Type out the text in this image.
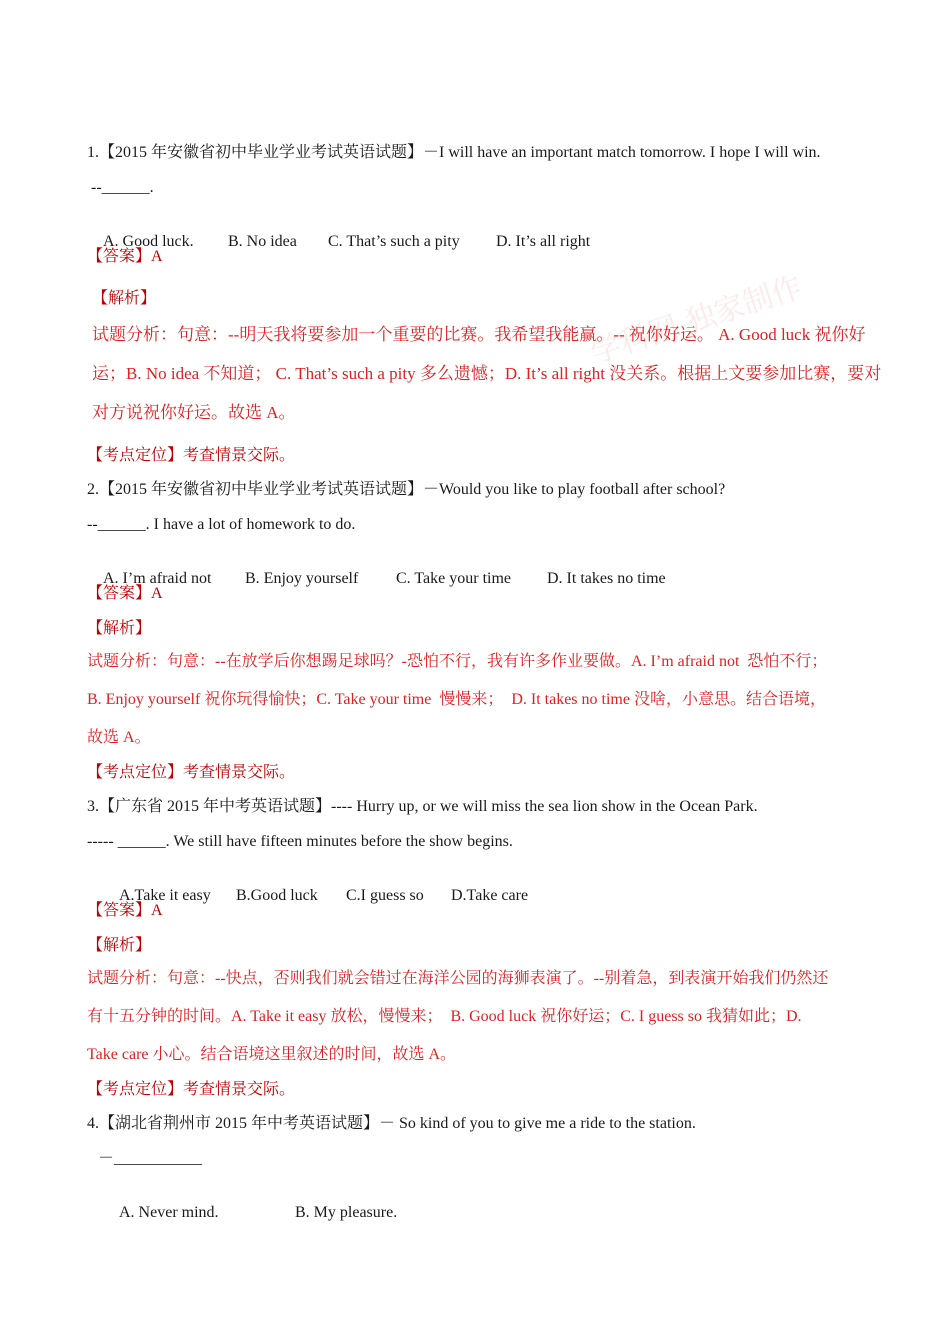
学科网 独家制作
1.【2015 年安徽省初中毕业学业考试英语试题】－I will have an important match tomorrow. I hope I will win.
--______.

A. Good luck. B. No idea C. That’s such a pity D. It’s all right

【答案】A
【解析】
试题分析：句意：--明天我将要参加一个重要的比赛。我希望我能赢。-- 祝你好运。 A. Good luck 祝你好
运；B. No idea 不知道； C. That’s such a pity 多么遗憾；D. It’s all right 没关系。根据上文要参加比赛，要对
对方说祝你好运。故选 A。
【考点定位】考查情景交际。
2.【2015 年安徽省初中毕业学业考试英语试题】－Would you like to play football after school?
--______. I have a lot of homework to do.

A. I’m afraid not B. Enjoy yourself C. Take your time D. It takes no time

【答案】A
【解析】
试题分析：句意：--在放学后你想踢足球吗？-恐怕不行，我有许多作业要做。A. I’m afraid not  恐怕不行；
B. Enjoy yourself 祝你玩得愉快；C. Take your time  慢慢来；  D. It takes no time 没啥，小意思。结合语境，
故选 A。
【考点定位】考查情景交际。
3.【广东省 2015 年中考英语试题】---- Hurry up, or we will miss the sea lion show in the Ocean Park.
----- ______. We still have fifteen minutes before the show begins.

A.Take it easy B.Good luck C.I guess so D.Take care

【答案】A
【解析】
试题分析：句意：--快点，否则我们就会错过在海洋公园的海狮表演了。--别着急，到表演开始我们仍然还
有十五分钟的时间。A. Take it easy 放松，慢慢来；  B. Good luck 祝你好运；C. I guess so 我猜如此；D.
Take care 小心。结合语境这里叙述的时间，故选 A。
【考点定位】考查情景交际。
4.【湖北省荆州市 2015 年中考英语试题】－ So kind of you to give me a ride to the station.
－___________

A. Never mind.	B. My pleasure.
